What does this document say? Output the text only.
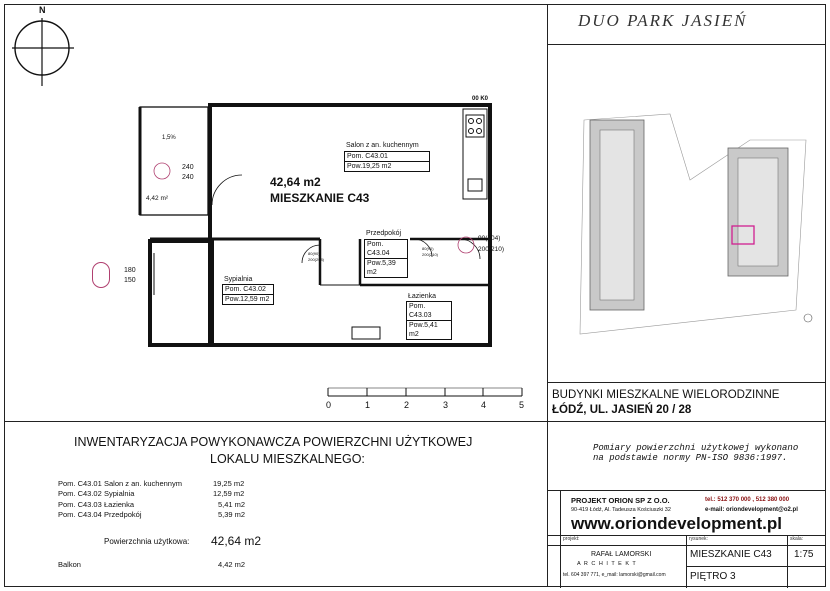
N
DUO PARK JASIEŃ
00 K0
1,5%
240
240
4,42 m²
42,64 m2
MIESZKANIE C43
Salon z an. kuchennym
Pom. C43.01
Pow.19,25 m2
Sypialnia
Pom. C43.02
Pow.12,59 m2
Przedpokój
Pom. C43.04
Pow.5,39 m2
Łazienka
Pom. C43.03
Pow.5,41 m2
90(104)
200(210)
80(90)
200(208)
80(90)
200(210)
180
150
0	1	2	3	4	5
BUDYNKI MIESZKALNE WIELORODZINNE
ŁÓDŹ, UL. JASIEŃ 20 / 28
INWENTARYZACJA POWYKONAWCZA POWIERZCHNI UŻYTKOWEJ
LOKALU MIESZKALNEGO:
Pom. C43.01 Salon z an. kuchennym	19,25 m2
Pom. C43.02 Sypialnia	12,59 m2
Pom. C43.03 Łazienka	5,41 m2
Pom. C43.04 Przedpokój	5,39 m2
Powierzchnia użytkowa: 42,64 m2
Balkon	4,42 m2
Pomiary powierzchni użytkowej wykonano
na podstawie normy PN-ISO 9836:1997.
PROJEKT ORION SP Z O.O.
90-419 Łódź, Al. Tadeusza Kościuszki 32
tel.: 512 370 000 , 512 380 000
e-mail: oriondevelopment@o2.pl
www.oriondevelopment.pl
projekt:	rysunek:	skala:
RAFAŁ LAMORSKI
A R C H I T E K T
tel. 604 397 771, e_mail: lamorski@gmail.com
MIESZKANIE C43 1:75
PIĘTRO 3
